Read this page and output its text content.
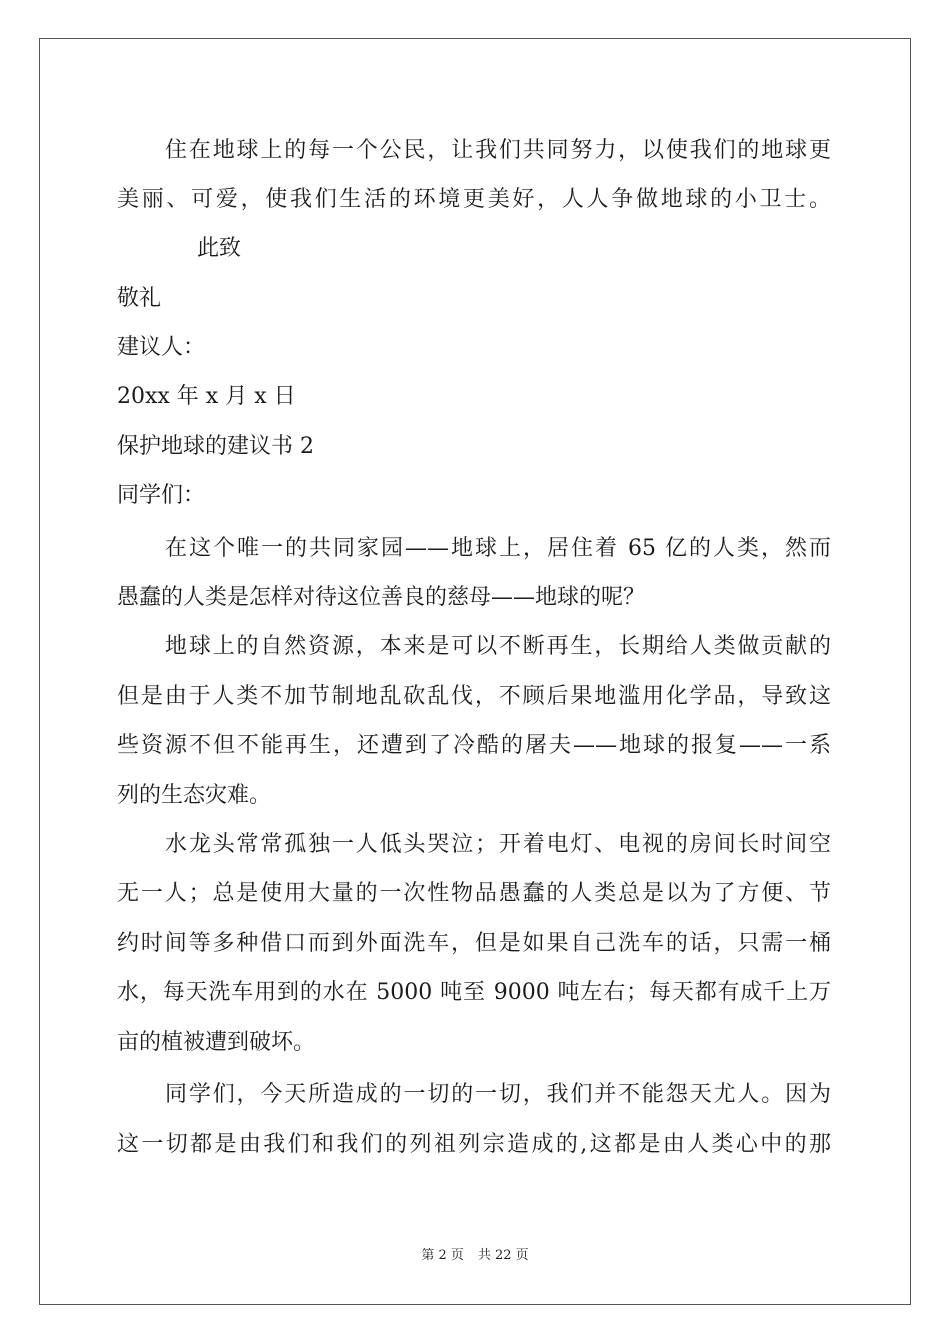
住在地球上的每一个公民，让我们共同努力，以使我们的地球更
美丽、可爱，使我们生活的环境更美好，人人争做地球的小卫士。
此致
敬礼
建议人：
20xx 年 x 月 x 日
保护地球的建议书 2
同学们：
在这个唯一的共同家园——地球上，居住着 65 亿的人类，然而
愚蠢的人类是怎样对待这位善良的慈母——地球的呢？
地球上的自然资源，本来是可以不断再生，长期给人类做贡献的
但是由于人类不加节制地乱砍乱伐，不顾后果地滥用化学品，导致这
些资源不但不能再生，还遭到了冷酷的屠夫——地球的报复——一系
列的生态灾难。
水龙头常常孤独一人低头哭泣；开着电灯、电视的房间长时间空
无一人；总是使用大量的一次性物品愚蠢的人类总是以为了方便、节
约时间等多种借口而到外面洗车，但是如果自己洗车的话，只需一桶
水，每天洗车用到的水在 5000 吨至 9000 吨左右；每天都有成千上万
亩的植被遭到破坏。
同学们，今天所造成的一切的一切，我们并不能怨天尤人。因为
这一切都是由我们和我们的列祖列宗造成的,这都是由人类心中的那
第 2 页 共 22 页
